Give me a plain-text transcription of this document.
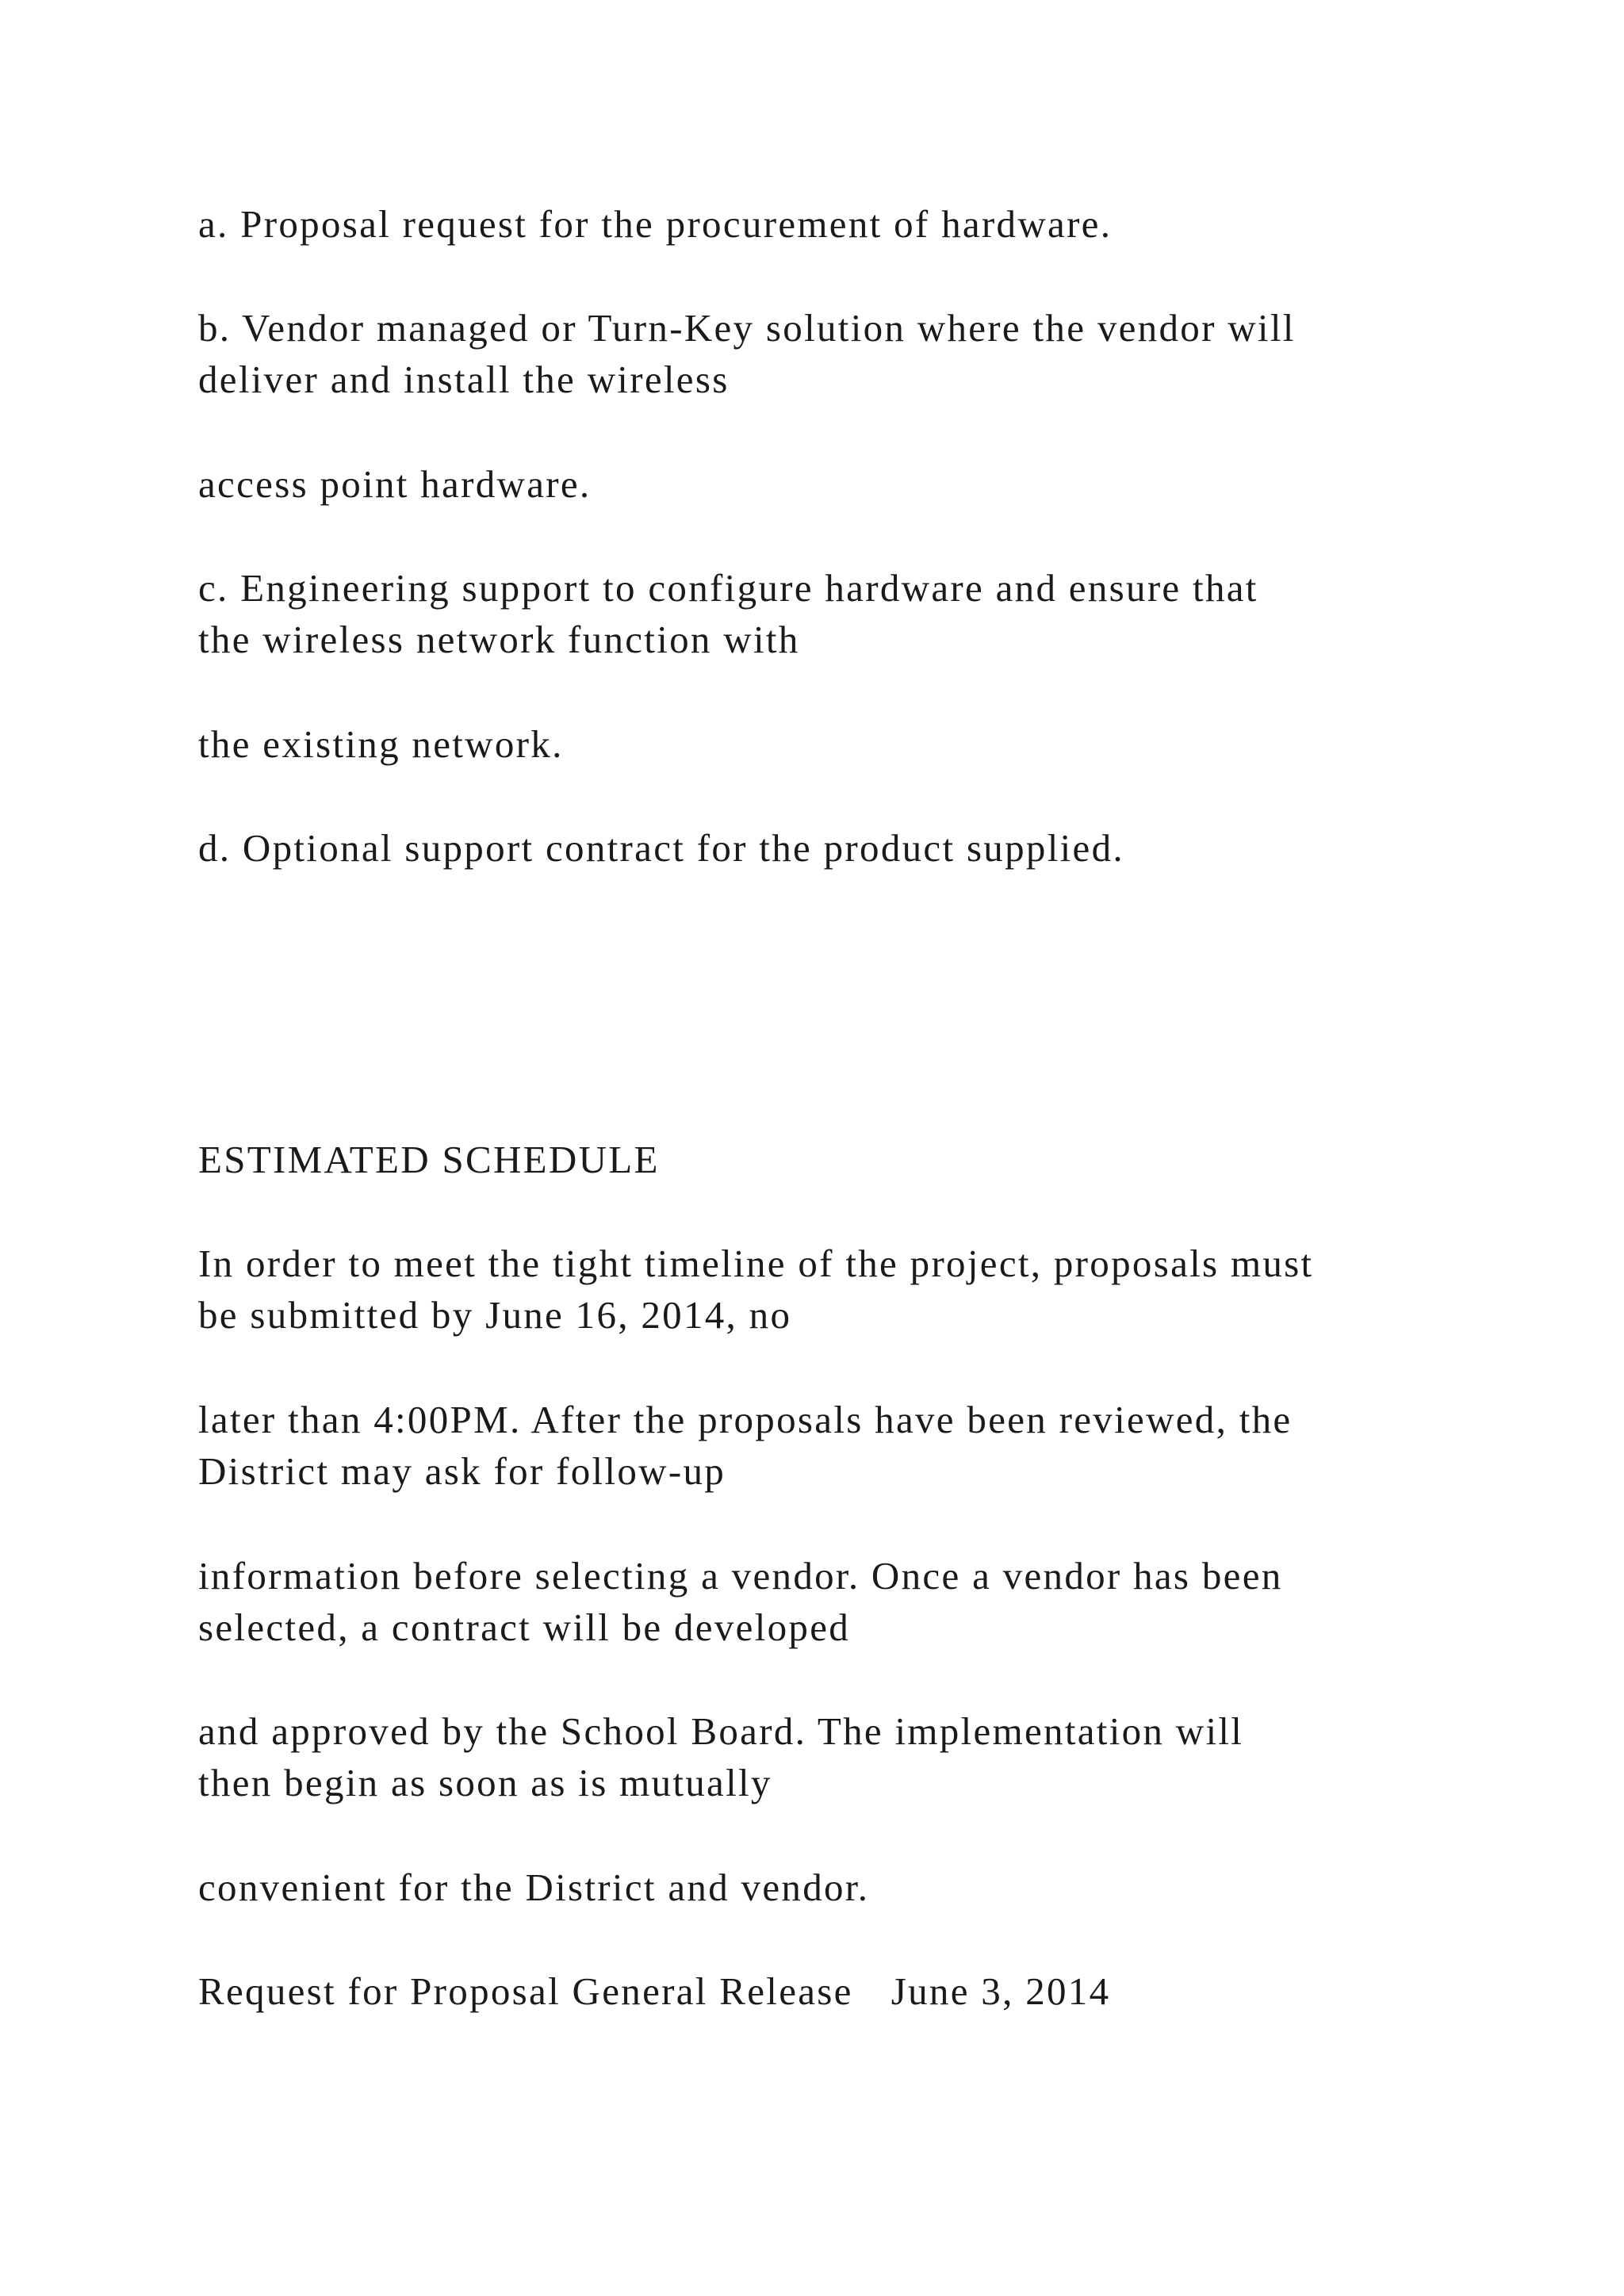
a. Proposal request for the procurement of hardware.

b. Vendor managed or Turn-Key solution where the vendor will

deliver and install the wireless

access point hardware.

c. Engineering support to configure hardware and ensure that

the wireless network function with

the existing network.

d. Optional support contract for the product supplied.

ESTIMATED SCHEDULE

In order to meet the tight timeline of the project, proposals must

be submitted by June 16, 2014, no

later than 4:00PM. After the proposals have been reviewed, the

District may ask for follow-up

information before selecting a vendor. Once a vendor has been

selected, a contract will be developed

and approved by the School Board. The implementation will

then begin as soon as is mutually

convenient for the District and vendor.

Request for Proposal General Release June 3, 2014
